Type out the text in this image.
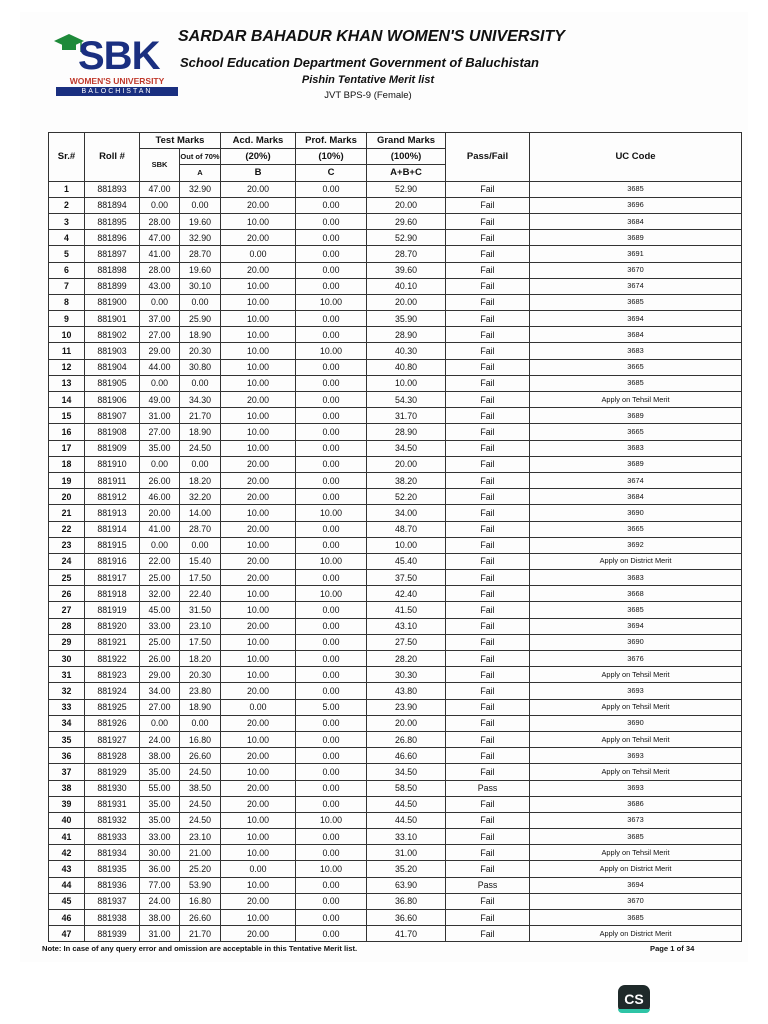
SBK
WOMEN'S UNIVERSITY
BALOCHISTAN
SARDAR BAHADUR KHAN WOMEN'S UNIVERSITY
School Education Department Government of Baluchistan
Pishin Tentative Merit list
JVT BPS-9 (Female)
Sr.#	Roll #	Test Marks		Acd. Marks	Prof. Marks	Grand Marks	Pass/Fail	UC Code
		SBK	Out of 70%	(20%)	(10%)	(100%)		
			A	B	C	A+B+C		
1	881893	47.00	32.90	20.00	0.00	52.90	Fail	3685
2	881894	0.00	0.00	20.00	0.00	20.00	Fail	3696
3	881895	28.00	19.60	10.00	0.00	29.60	Fail	3684
4	881896	47.00	32.90	20.00	0.00	52.90	Fail	3689
5	881897	41.00	28.70	0.00	0.00	28.70	Fail	3691
6	881898	28.00	19.60	20.00	0.00	39.60	Fail	3670
7	881899	43.00	30.10	10.00	0.00	40.10	Fail	3674
8	881900	0.00	0.00	10.00	10.00	20.00	Fail	3685
9	881901	37.00	25.90	10.00	0.00	35.90	Fail	3694
10	881902	27.00	18.90	10.00	0.00	28.90	Fail	3684
11	881903	29.00	20.30	10.00	10.00	40.30	Fail	3683
12	881904	44.00	30.80	10.00	0.00	40.80	Fail	3665
13	881905	0.00	0.00	10.00	0.00	10.00	Fail	3685
14	881906	49.00	34.30	20.00	0.00	54.30	Fail	Apply on Tehsil Merit
15	881907	31.00	21.70	10.00	0.00	31.70	Fail	3689
16	881908	27.00	18.90	10.00	0.00	28.90	Fail	3665
17	881909	35.00	24.50	10.00	0.00	34.50	Fail	3683
18	881910	0.00	0.00	20.00	0.00	20.00	Fail	3689
19	881911	26.00	18.20	20.00	0.00	38.20	Fail	3674
20	881912	46.00	32.20	20.00	0.00	52.20	Fail	3684
21	881913	20.00	14.00	10.00	10.00	34.00	Fail	3690
22	881914	41.00	28.70	20.00	0.00	48.70	Fail	3665
23	881915	0.00	0.00	10.00	0.00	10.00	Fail	3692
24	881916	22.00	15.40	20.00	10.00	45.40	Fail	Apply on District Merit
25	881917	25.00	17.50	20.00	0.00	37.50	Fail	3683
26	881918	32.00	22.40	10.00	10.00	42.40	Fail	3668
27	881919	45.00	31.50	10.00	0.00	41.50	Fail	3685
28	881920	33.00	23.10	20.00	0.00	43.10	Fail	3694
29	881921	25.00	17.50	10.00	0.00	27.50	Fail	3690
30	881922	26.00	18.20	10.00	0.00	28.20	Fail	3676
31	881923	29.00	20.30	10.00	0.00	30.30	Fail	Apply on Tehsil Merit
32	881924	34.00	23.80	20.00	0.00	43.80	Fail	3693
33	881925	27.00	18.90	0.00	5.00	23.90	Fail	Apply on Tehsil Merit
34	881926	0.00	0.00	20.00	0.00	20.00	Fail	3690
35	881927	24.00	16.80	10.00	0.00	26.80	Fail	Apply on Tehsil Merit
36	881928	38.00	26.60	20.00	0.00	46.60	Fail	3693
37	881929	35.00	24.50	10.00	0.00	34.50	Fail	Apply on Tehsil Merit
38	881930	55.00	38.50	20.00	0.00	58.50	Pass	3693
39	881931	35.00	24.50	20.00	0.00	44.50	Fail	3686
40	881932	35.00	24.50	10.00	10.00	44.50	Fail	3673
41	881933	33.00	23.10	10.00	0.00	33.10	Fail	3685
42	881934	30.00	21.00	10.00	0.00	31.00	Fail	Apply on Tehsil Merit
43	881935	36.00	25.20	0.00	10.00	35.20	Fail	Apply on District Merit
44	881936	77.00	53.90	10.00	0.00	63.90	Pass	3694
45	881937	24.00	16.80	20.00	0.00	36.80	Fail	3670
46	881938	38.00	26.60	10.00	0.00	36.60	Fail	3685
47	881939	31.00	21.70	20.00	0.00	41.70	Fail	Apply on District Merit
Note: In case of any query error and omission are acceptable in this Tentative Merit list.	Page 1 of 34
CS
